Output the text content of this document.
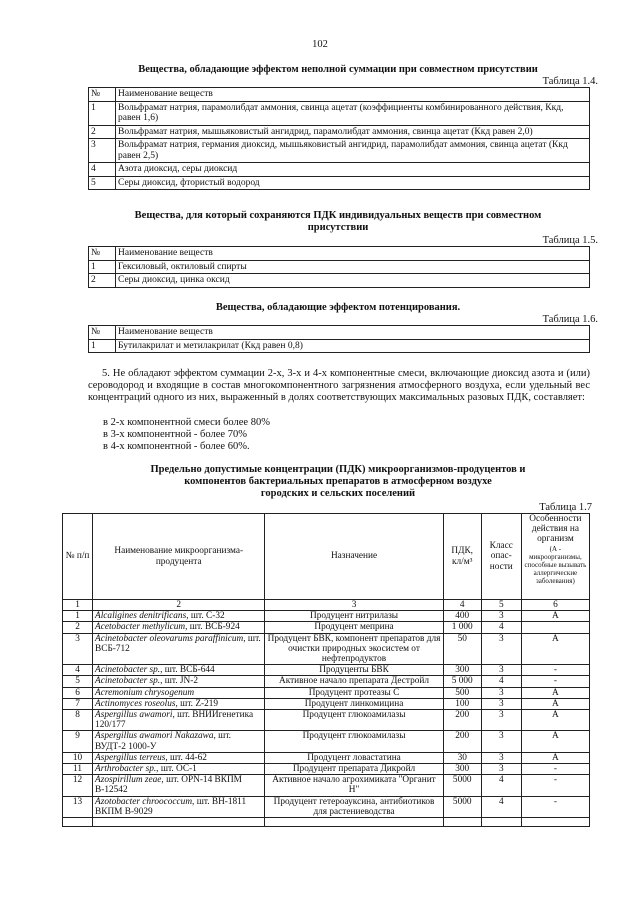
102
Вещества, обладающие эффектом неполной суммации при совместном присутствии
Таблица 1.4.
№	Наименование веществ
1	Вольфрамат натрия, парамолибдат аммония, свинца ацетат (коэффициенты комбинированного действия, Ккд, равен 1,6)
2	Вольфрамат натрия, мышьяковистый ангидрид, парамолибдат аммония, свинца ацетат (Ккд равен 2,0)
3	Вольфрамат натрия, германия диоксид, мышьяковистый ангидрид, парамолибдат аммония, свинца ацетат (Ккд равен 2,5)
4	Азота диоксид, серы диоксид
5	Серы диоксид, фтористый водород
Вещества, для который сохраняются ПДК индивидуальных веществ при совместном
присутствии
Таблица 1.5.
№	Наименование веществ
1	Гексиловый, октиловый спирты
2	Серы диоксид, цинка оксид
Вещества, обладающие эффектом потенцирования.
Таблица 1.6.
№	Наименование веществ
1	Бутилакрилат и метилакрилат (Ккд равен 0,8)
5. Не обладают эффектом суммации 2-х, 3-х и 4-х компонентные смеси, включающие диоксид азота и (или) сероводород и входящие в состав многокомпонентного загрязнения атмосферного воздуха, если удельный вес концентраций одного из них, выраженный в долях соответствующих максимальных разовых ПДК, составляет:
в 2-х компонентной смеси более 80%
в 3-х компонентной - более 70%
в 4-х компонентной - более 60%.
Предельно допустимые концентрации (ПДК) микроорганизмов-продуцентов и
компонентов бактериальных препаратов в атмосферном воздухе
городских и сельских поселений
Таблица 1.7
№ п/п	Наименование микроорганизма-продуцента	Назначение	ПДК, кл/м³	Класс опас- ности	Особенности действия на организм
(А - микроорганизмы, способные вызывать аллергические заболевания)

1	2	3	4	5	6
1	Alcaligines denitrificans, шт. С-32	Продуцент нитрилазы	400	3	А
2	Acetobacter methylicum, шт. ВСБ-924	Продуцент меприна	1 000	4	
3	Acinetobacter oleovarums paraffinicum, шт. ВСБ-712	Продуцент БВК, компонент препаратов для очистки природных экосистем от нефтепродуктов	50	3	А
4	Acinetobacter sp., шт. ВСБ-644	Продуценты БВК	300	3	-
5	Acinetobacter sp., шт. JN-2	Активное начало препарата Дестройл	5 000	4	-
6	Acremonium chrysogenum	Продуцент протеазы С	500	3	А
7	Actinomyces roseolus, шт. Z-219	Продуцент линкомицина	100	3	А
8	Aspergillus awamori, шт. ВНИИгенетика 120/177	Продуцент глюкоамилазы	200	3	А
9	Aspergillus awamori Nakazawa, шт. ВУДТ-2 1000-У	Продуцент глюкоамилазы	200	3	А
10	Aspergillus terreus, шт. 44-62	Продуцент ловастатина	30	3	А
11	Arthrobacter sp., шт. ОС-1	Продуцент препарата Дикройл	300	3	-
12	Azospirillum zeae, шт. OPN-14 ВКПМ В-12542	Активное начало агрохимиката "Органит Н"	5000	4	-
13	Azotobacter chroococcum, шт. ВН-1811 ВКПМ В-9029	Продуцент гетероауксина, антибиотиков для растениеводства	5000	4	-
